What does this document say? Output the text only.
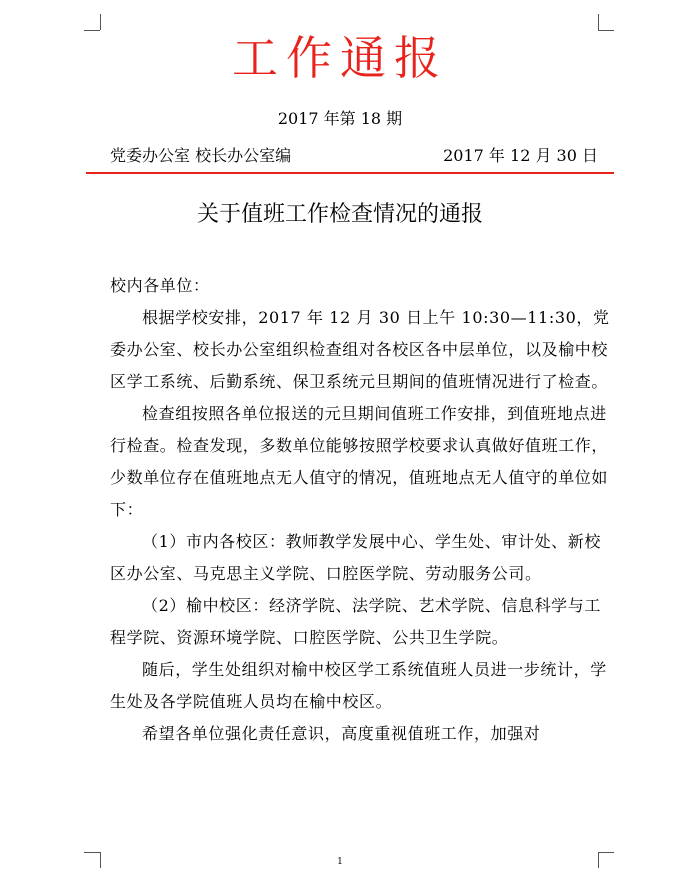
工作通报
2017 年第 18 期
党委办公室 校长办公室编	2017 年 12 月 30 日
关于值班工作检查情况的通报

校内各单位：

根据学校安排，2017 年 12 月 30 日上午 10:30—11:30，党委办公室、校长办公室组织检查组对各校区各中层单位，以及榆中校区学工系统、后勤系统、保卫系统元旦期间的值班情况进行了检查。

检查组按照各单位报送的元旦期间值班工作安排，到值班地点进行检查。检查发现，多数单位能够按照学校要求认真做好值班工作，少数单位存在值班地点无人值守的情况，值班地点无人值守的单位如下：

（1）市内各校区：教师教学发展中心、学生处、审计处、新校区办公室、马克思主义学院、口腔医学院、劳动服务公司。

（2）榆中校区：经济学院、法学院、艺术学院、信息科学与工程学院、资源环境学院、口腔医学院、公共卫生学院。

随后，学生处组织对榆中校区学工系统值班人员进一步统计，学生处及各学院值班人员均在榆中校区。

希望各单位强化责任意识，高度重视值班工作，加强对

1
